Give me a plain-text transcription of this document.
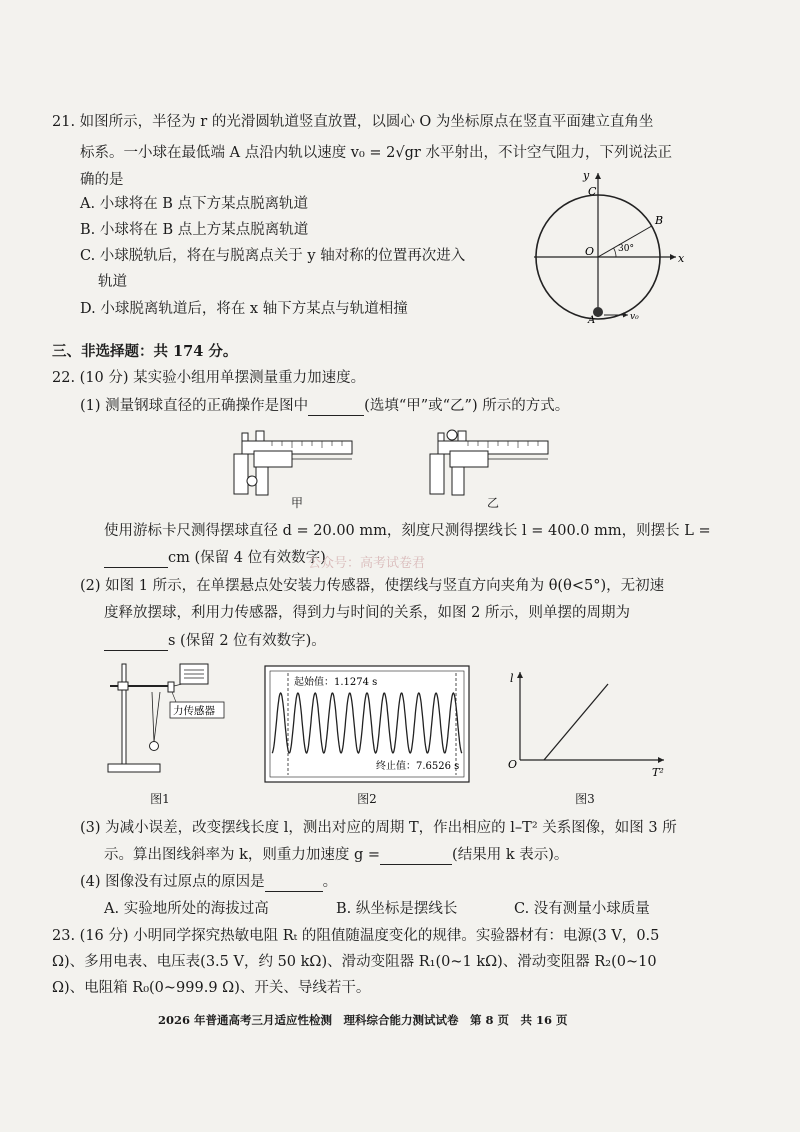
21. 如图所示，半径为 r 的光滑圆轨道竖直放置，以圆心 O 为坐标原点在竖直平面建立直角坐
标系。一小球在最低端 A 点沿内轨以速度 v₀ = 2√gr 水平射出，不计空气阻力，下列说法正
确的是
A. 小球将在 B 点下方某点脱离轨道
B. 小球将在 B 点上方某点脱离轨道
C. 小球脱轨后，将在与脱离点关于 y 轴对称的位置再次进入
轨道
D. 小球脱离轨道后，将在 x 轴下方某点与轨道相撞
y
x
C
B
O
A
30°
v₀
三、非选择题：共 174 分。
22. (10 分) 某实验小组用单摆测量重力加速度。
(1) 测量钢球直径的正确操作是图中	(选填“甲”或“乙”) 所示的方式。
甲	乙
使用游标卡尺测得摆球直径 d = 20.00 mm，刻度尺测得摆线长 l = 400.0 mm，则摆长 L =
cm (保留 4 位有效数字)
公众号：高考试卷君
(2) 如图 1 所示，在单摆悬点处安装力传感器，使摆线与竖直方向夹角为 θ(θ<5°)，无初速
度释放摆球，利用力传感器，得到力与时间的关系，如图 2 所示，则单摆的周期为
s (保留 2 位有效数字)。
力传感器
图1
起始值：1.1274 s
终止值：7.6526 s
图2
l
O
T²
图3
(3) 为减小误差，改变摆线长度 l，测出对应的周期 T，作出相应的 l–T² 关系图像，如图 3 所
示。算出图线斜率为 k，则重力加速度 g =	(结果用 k 表示)。
(4) 图像没有过原点的原因是	。
A. 实验地所处的海拔过高	B. 纵坐标是摆线长	C. 没有测量小球质量
23. (16 分) 小明同学探究热敏电阻 Rₜ 的阻值随温度变化的规律。实验器材有：电源(3 V，0.5
Ω)、多用电表、电压表(3.5 V，约 50 kΩ)、滑动变阻器 R₁(0~1 kΩ)、滑动变阻器 R₂(0~10
Ω)、电阻箱 R₀(0~999.9 Ω)、开关、导线若干。
2026 年普通高考三月适应性检测　理科综合能力测试试卷　第 8 页　共 16 页
